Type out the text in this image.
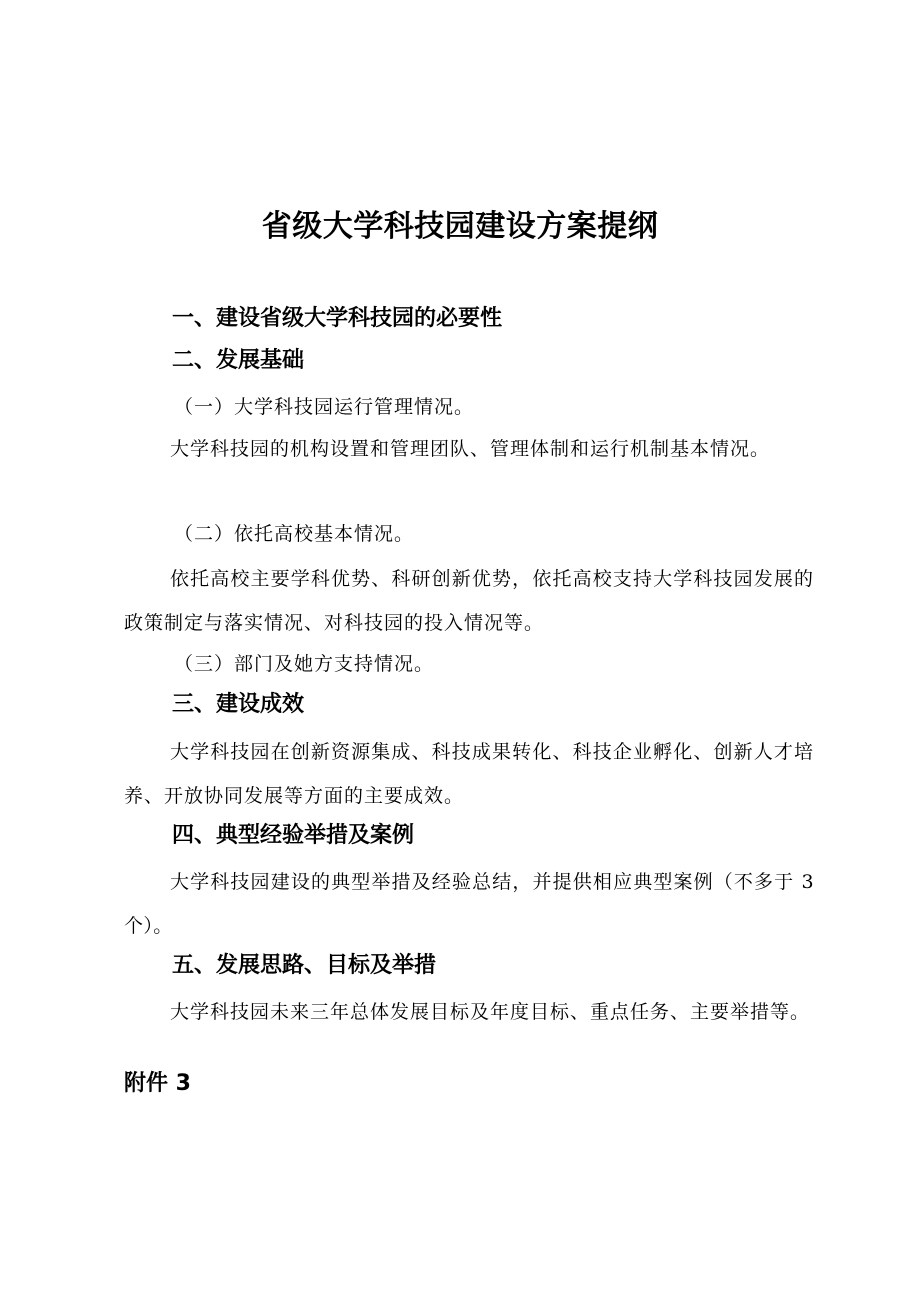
省级大学科技园建设方案提纲
一、建设省级大学科技园的必要性
二、发展基础
（一）大学科技园运行管理情况。

大学科技园的机构设置和管理团队、管理体制和运行机制基本情况。

（二）依托高校基本情况。

依托高校主要学科优势、科研创新优势，依托高校支持大学科技园发展的政策制定与落实情况、对科技园的投入情况等。

（三）部门及她方支持情况。
三、建设成效

大学科技园在创新资源集成、科技成果转化、科技企业孵化、创新人才培养、开放协同发展等方面的主要成效。

四、典型经验举措及案例

大学科技园建设的典型举措及经验总结，并提供相应典型案例（不多于 3 个）。

五、发展思路、目标及举措

大学科技园未来三年总体发展目标及年度目标、重点任务、主要举措等。

附件 3
